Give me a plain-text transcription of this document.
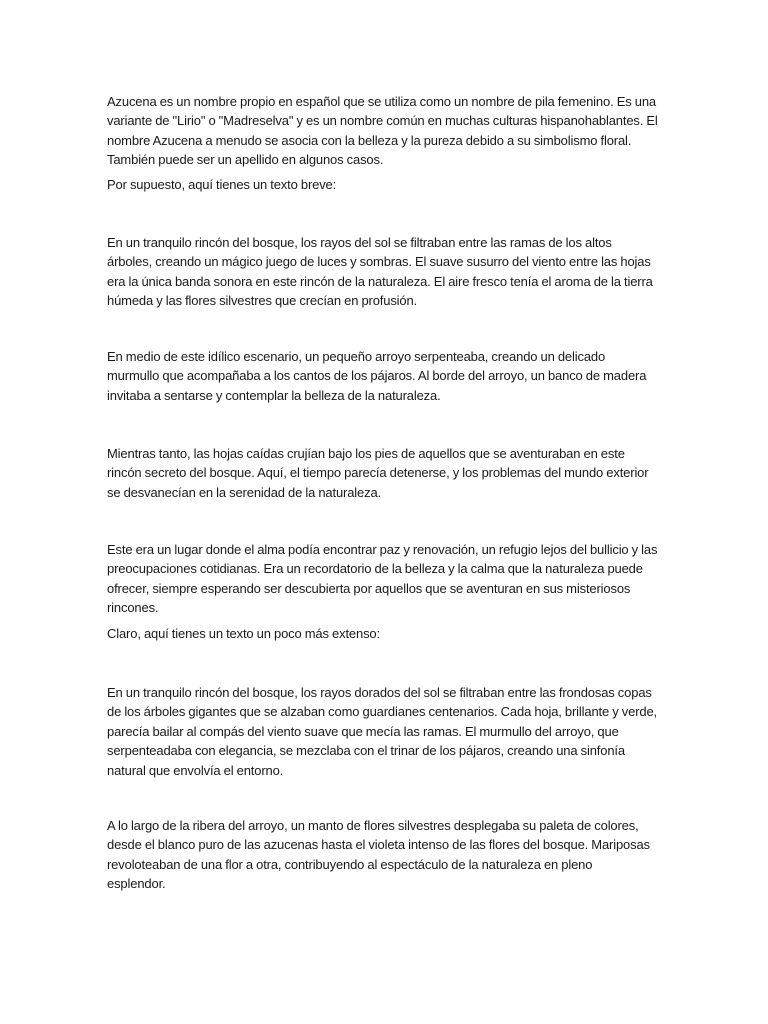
Azucena es un nombre propio en español que se utiliza como un nombre de pila femenino. Es una
variante de "Lirio" o "Madreselva" y es un nombre común en muchas culturas hispanohablantes. El
nombre Azucena a menudo se asocia con la belleza y la pureza debido a su simbolismo floral.
También puede ser un apellido en algunos casos.

Por supuesto, aquí tienes un texto breve:

En un tranquilo rincón del bosque, los rayos del sol se filtraban entre las ramas de los altos
árboles, creando un mágico juego de luces y sombras. El suave susurro del viento entre las hojas
era la única banda sonora en este rincón de la naturaleza. El aire fresco tenía el aroma de la tierra
húmeda y las flores silvestres que crecían en profusión.

En medio de este idílico escenario, un pequeño arroyo serpenteaba, creando un delicado
murmullo que acompañaba a los cantos de los pájaros. Al borde del arroyo, un banco de madera
invitaba a sentarse y contemplar la belleza de la naturaleza.

Mientras tanto, las hojas caídas crujían bajo los pies de aquellos que se aventuraban en este
rincón secreto del bosque. Aquí, el tiempo parecía detenerse, y los problemas del mundo exterior
se desvanecían en la serenidad de la naturaleza.

Este era un lugar donde el alma podía encontrar paz y renovación, un refugio lejos del bullicio y las
preocupaciones cotidianas. Era un recordatorio de la belleza y la calma que la naturaleza puede
ofrecer, siempre esperando ser descubierta por aquellos que se aventuran en sus misteriosos
rincones.

Claro, aquí tienes un texto un poco más extenso:

En un tranquilo rincón del bosque, los rayos dorados del sol se filtraban entre las frondosas copas
de los árboles gigantes que se alzaban como guardianes centenarios. Cada hoja, brillante y verde,
parecía bailar al compás del viento suave que mecía las ramas. El murmullo del arroyo, que
serpenteadaba con elegancia, se mezclaba con el trinar de los pájaros, creando una sinfonía
natural que envolvía el entorno.

A lo largo de la ribera del arroyo, un manto de flores silvestres desplegaba su paleta de colores,
desde el blanco puro de las azucenas hasta el violeta intenso de las flores del bosque. Mariposas
revoloteaban de una flor a otra, contribuyendo al espectáculo de la naturaleza en pleno
esplendor.
